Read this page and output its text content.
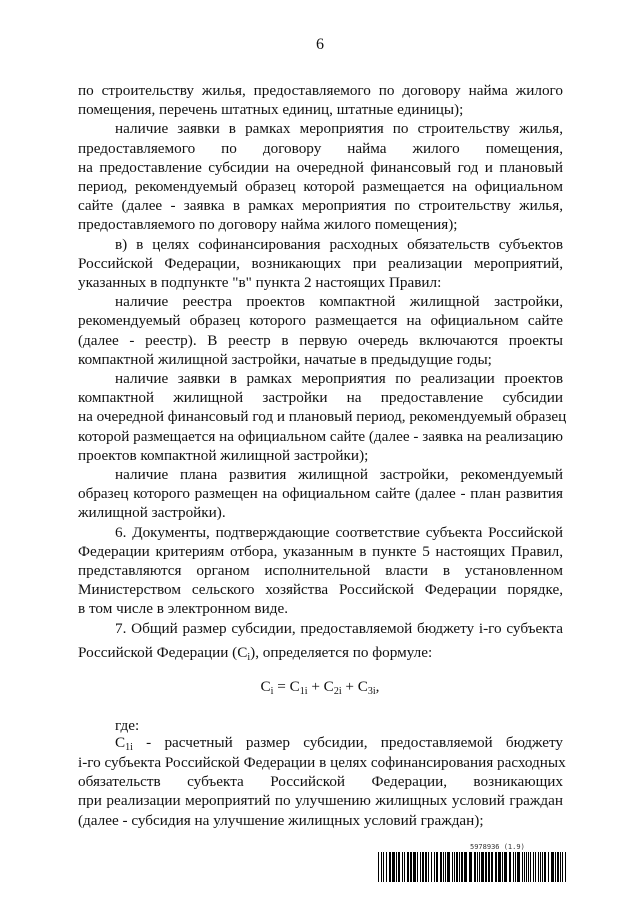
6
по строительству жилья, предоставляемого по договору найма жилого
помещения, перечень штатных единиц, штатные единицы);
наличие заявки в рамках мероприятия по строительству жилья,
предоставляемого по договору найма жилого помещения,
на предоставление субсидии на очередной финансовый год и плановый
период, рекомендуемый образец которой размещается на официальном
сайте (далее - заявка в рамках мероприятия по строительству жилья,
предоставляемого по договору найма жилого помещения);
в) в целях софинансирования расходных обязательств субъектов
Российской Федерации, возникающих при реализации мероприятий,
указанных в подпункте "в" пункта 2 настоящих Правил:
наличие реестра проектов компактной жилищной застройки,
рекомендуемый образец которого размещается на официальном сайте
(далее - реестр). В реестр в первую очередь включаются проекты
компактной жилищной застройки, начатые в предыдущие годы;
наличие заявки в рамках мероприятия по реализации проектов
компактной жилищной застройки на предоставление субсидии
на очередной финансовый год и плановый период, рекомендуемый образец
которой размещается на официальном сайте (далее - заявка на реализацию
проектов компактной жилищной застройки);
наличие плана развития жилищной застройки, рекомендуемый
образец которого размещен на официальном сайте (далее - план развития
жилищной застройки).
6. Документы, подтверждающие соответствие субъекта Российской
Федерации критериям отбора, указанным в пункте 5 настоящих Правил,
представляются органом исполнительной власти в установленном
Министерством сельского хозяйства Российской Федерации порядке,
в том числе в электронном виде.
7. Общий размер субсидии, предоставляемой бюджету i-го субъекта
Российской Федерации $(C_i)$, определяется по формуле:
$C_i = C_{1i} + C_{2i} + C_{3i}$,
где:
$C_{1i}$ - расчетный размер субсидии, предоставляемой бюджету
i-го субъекта Российской Федерации в целях софинансирования расходных
обязательств субъекта Российской Федерации, возникающих
при реализации мероприятий по улучшению жилищных условий граждан
(далее - субсидия на улучшение жилищных условий граждан);
5978936 (1.9)
